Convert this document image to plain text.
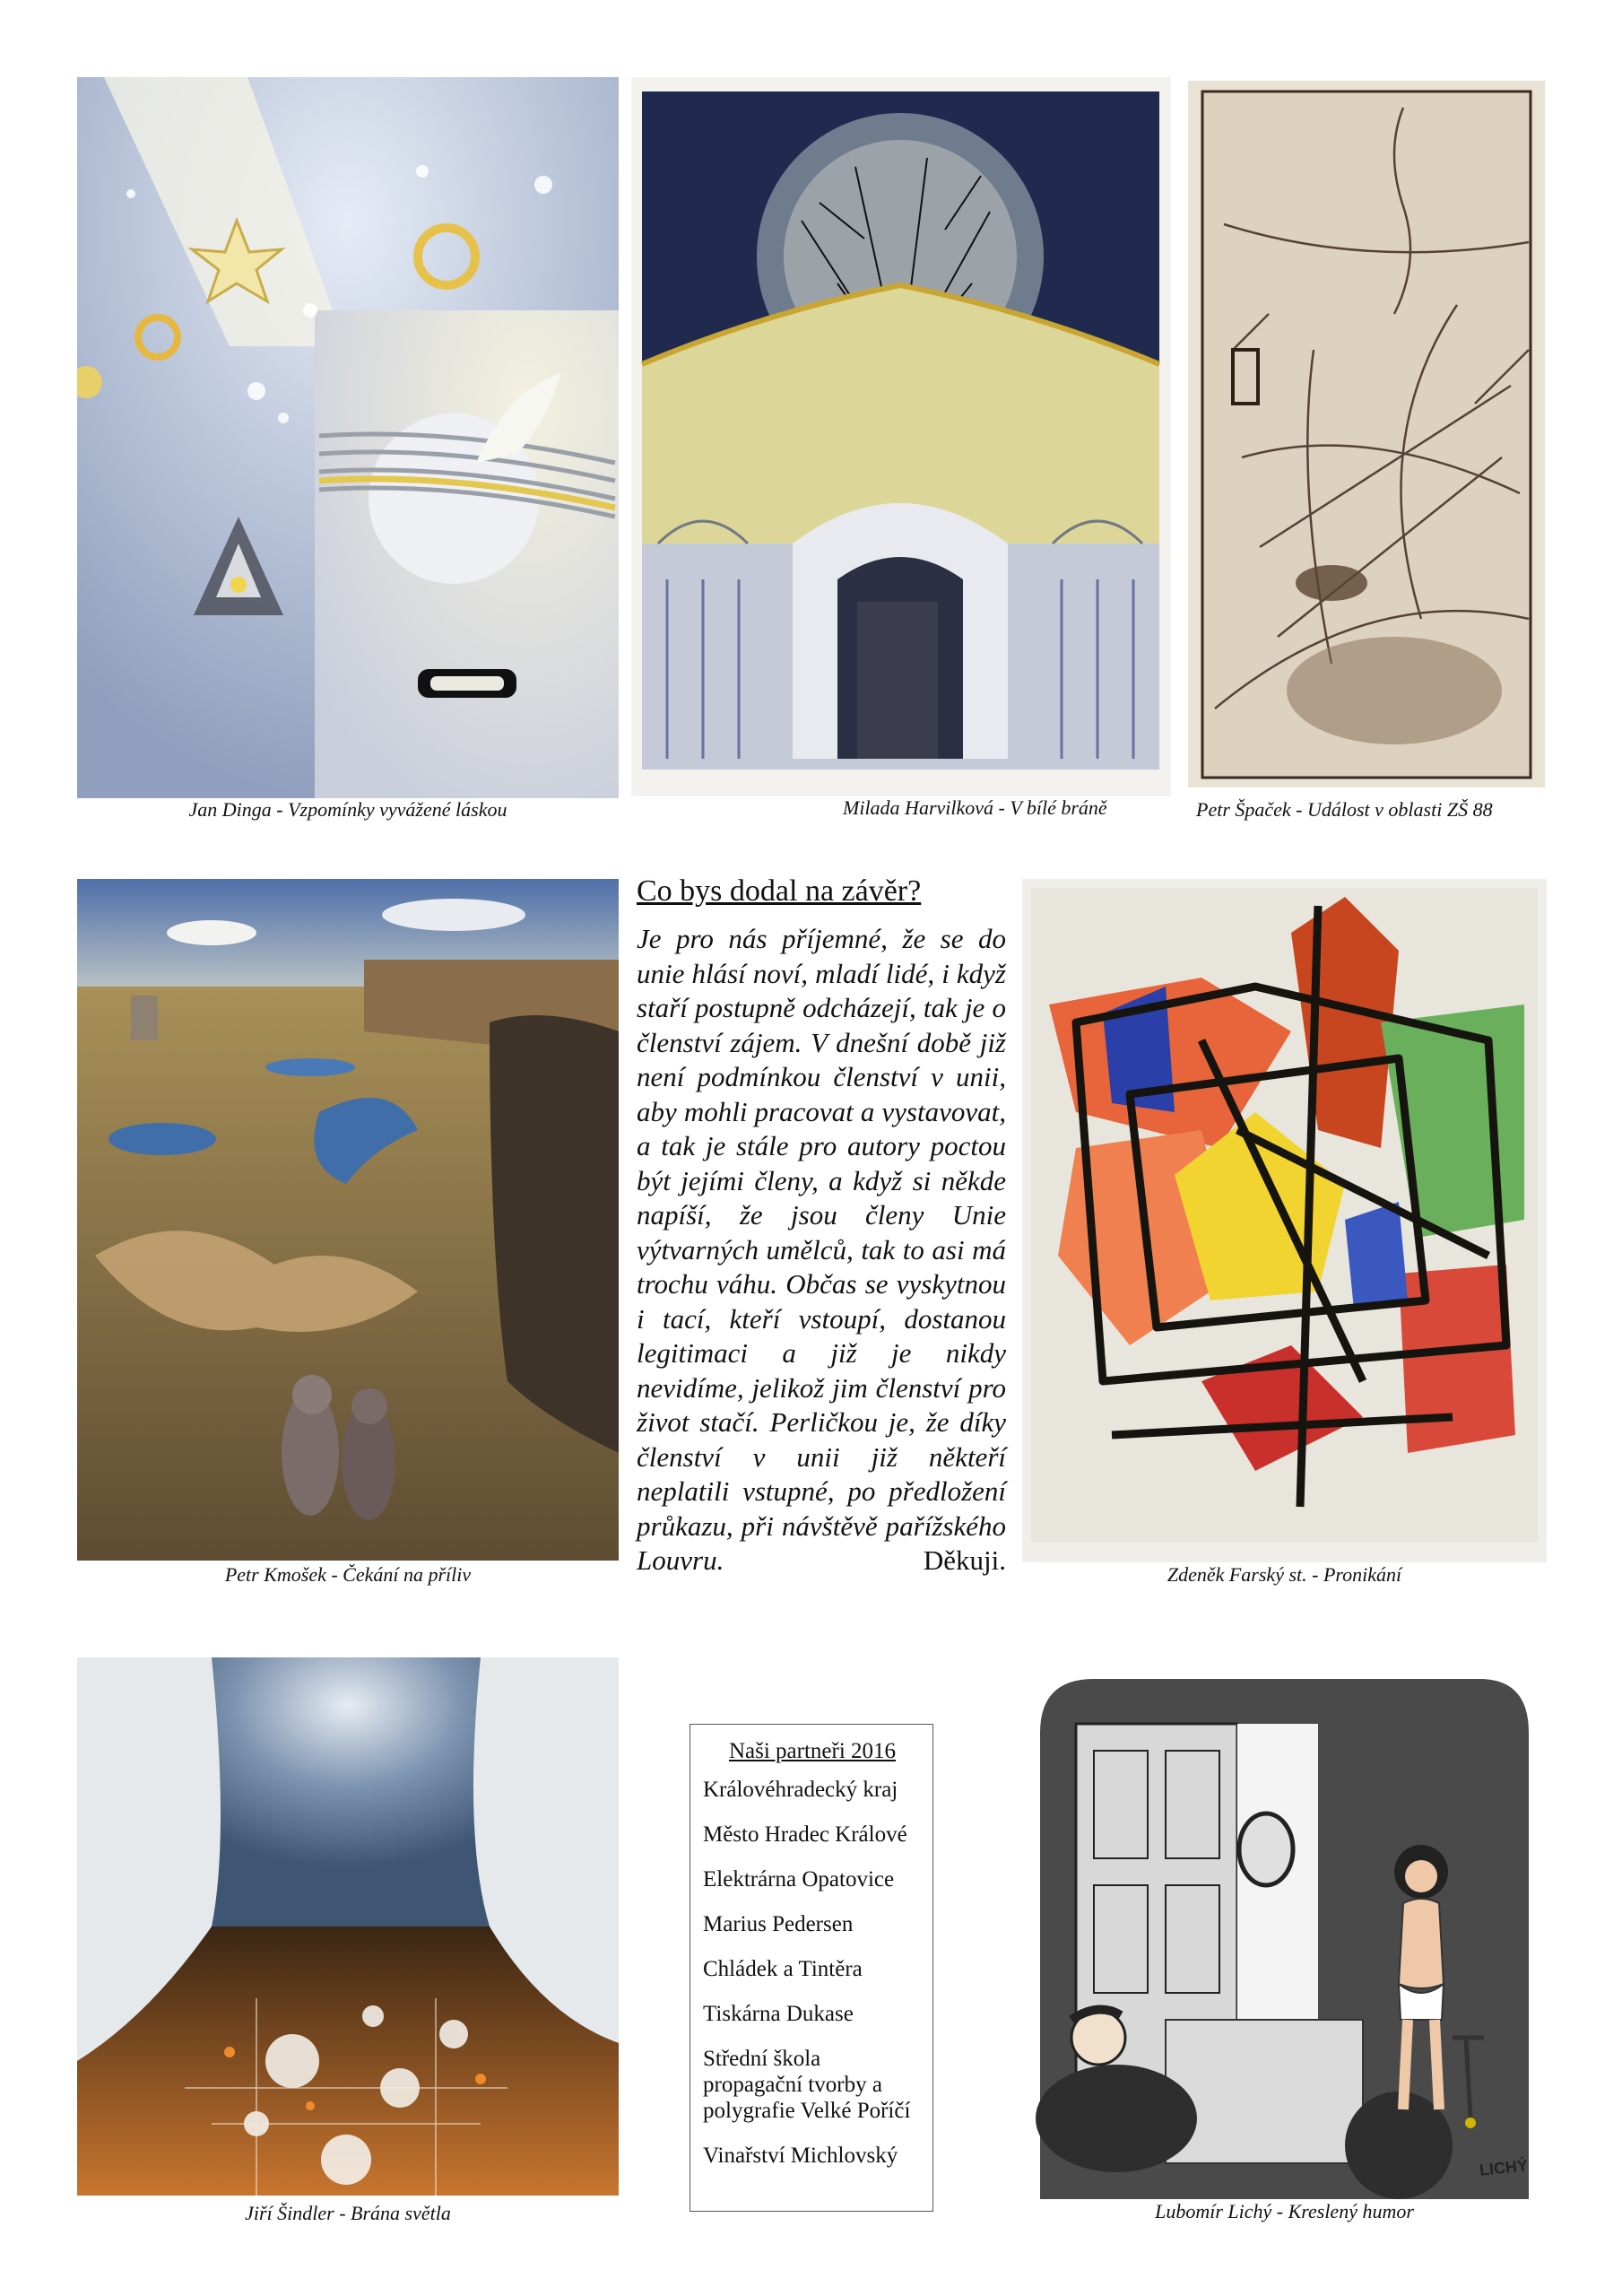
Jan Dinga - Vzpomínky vyvážené láskou	Milada Harvilková - V bílé bráně	Petr Špaček - Událost v oblasti ZŠ 88
Petr Kmošek - Čekání na příliv
Co bys dodal na závěr?
Je pro nás příjemné, že se do unie hlásí noví, mladí lidé, i když staří postupně odcházejí, tak je o členství zájem. V dnešní době již není podmínkou členství v unii, aby mohli pracovat a vystavovat, a tak je stále pro autory poctou být jejími členy, a když si někde napíší, že jsou členy Unie výtvarných umělců, tak to asi má trochu váhu. Občas se vyskytnou i tací, kteří vstoupí, dostanou legitimaci a již je nikdy nevidíme, jelikož jim členství pro život stačí. Perličkou je, že díky členství v unii již někteří neplatili vstupné, po předložení průkazu, při návštěvě pařížského Louvru.	Děkuji.	Zdeněk Farský st. - Pronikání
Jiří Šindler - Brána světla
Naši partneři 2016
Královéhradecký kraj
Město Hradec Králové
Elektrárna Opatovice
Marius Pedersen
Chládek a Tintěra
Tiskárna Dukase
Střední škola propagační tvorby a polygrafie Velké Poříčí
Vinařství Michlovský
LICHÝ
Lubomír Lichý - Kreslený humor
